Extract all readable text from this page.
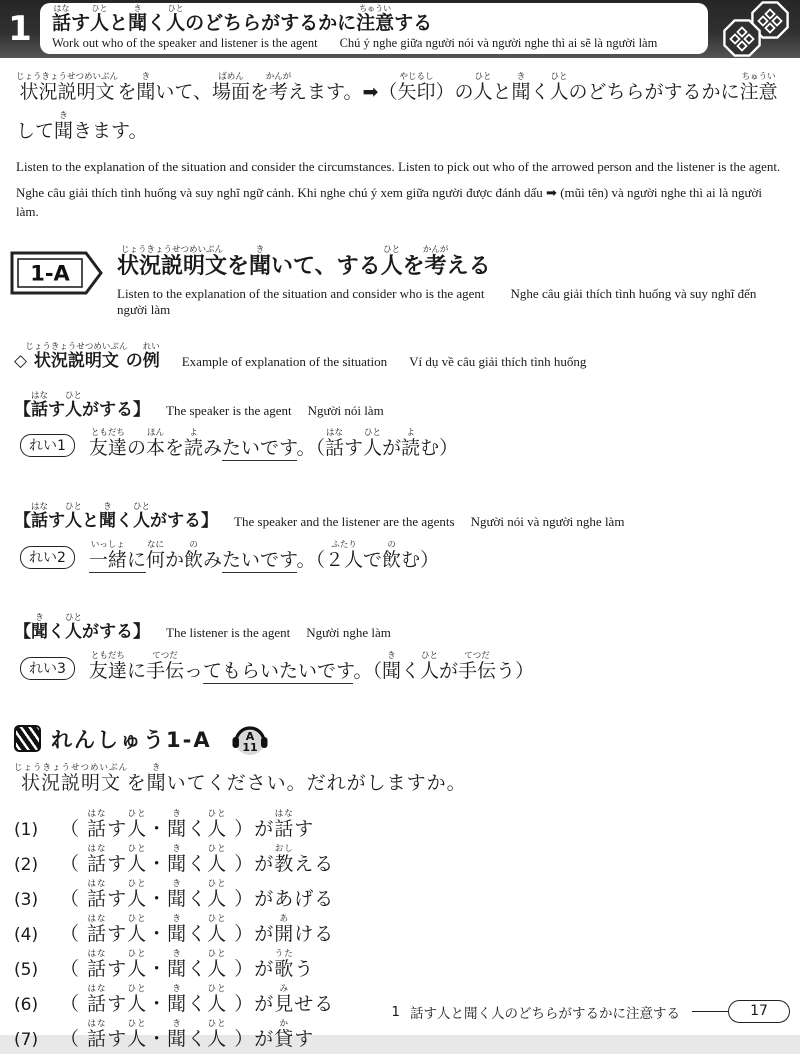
1	話はなす人ひとと聞きく人ひとのどちらがするかに注意ちゅういする
Work out who of the speaker and listener is the agent Chú ý nghe giữa người nói và người nghe thì ai sẽ là người làm

状況説明文じょうきょうせつめいぶんを聞きいて、場面ばめんを考かんがえます。➡（矢印やじるし）の人ひとと聞きく人ひとのどちらがするかに注意ちゅういして聞ききます。

Listen to the explanation of the situation and consider the circumstances. Listen to pick out who of the arrowed person and the listener is the agent.

Nghe câu giải thích tình huống và suy nghĩ ngữ cảnh. Khi nghe chú ý xem giữa người được đánh dấu ➡ (mũi tên) và người nghe thì ai là người làm.

1-A 状況説明文じょうきょうせつめいぶんを聞きいて、する人ひとを考かんがえる
Listen to the explanation of the situation and consider who is the agent Nghe câu giải thích tình huống và suy nghĩ đến người làm
◇状況説明文じょうきょうせつめいぶんの例れい
Example of explanation of the situation Ví dụ về câu giải thích tình huống
【話はなす人ひとがする】 The speaker is the agent Người nói làm
れい1	友達ともだちの本ほんを読よみたいです。（話はなす人ひとが読よむ）
【話はなす人ひとと聞きく人ひとがする】 The speaker and the listener are the agents Người nói và người nghe làm
れい2	一緒いっしょに何なにか飲のみたいです。（２人ふたりで飲のむ）
【聞きく人ひとがする】 The listener is the agent Người nghe làm
れい3	友達ともだちに手伝てつだってもらいたいです。（聞きく人ひとが手伝てつだう）
れんしゅう1-A	A
11

状況説明文じょうきょうせつめいぶんを聞きいてください。だれがしますか。

(1)	（ 話はなす人ひと・聞きく人ひと ）が話はなす
(2)	（ 話はなす人ひと・聞きく人ひと ）が教おしえる
(3)	（ 話はなす人ひと・聞きく人ひと ）があげる
(4)	（ 話はなす人ひと・聞きく人ひと ）が開あける
(5)	（ 話はなす人ひと・聞きく人ひと ）が歌うたう
(6)	（ 話はなす人ひと・聞きく人ひと ）が見みせる
(7)	（ 話はなす人ひと・聞きく人ひと ）が貸かす
1 話す人と聞く人のどちらがするかに注意する	17
